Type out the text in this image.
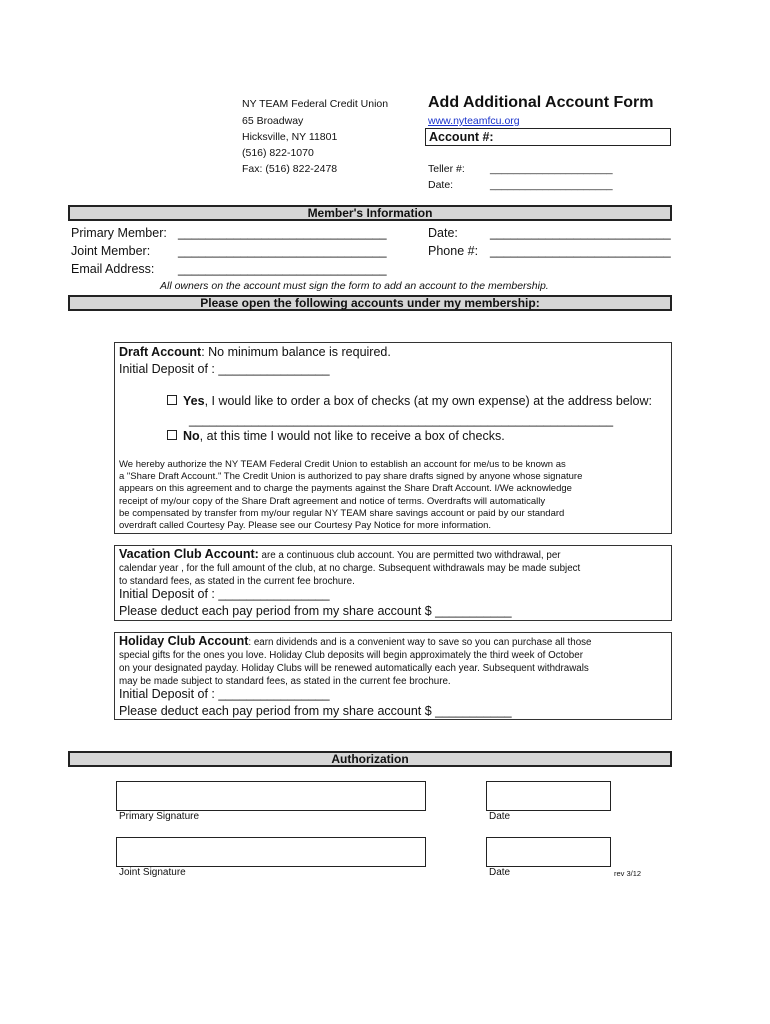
NY TEAM Federal Credit Union
65 Broadway
Hicksville, NY 11801
(516) 822-1070
Fax: (516) 822-2478
Add Additional Account Form
www.nyteamfcu.org
Account #:
Teller #: _____________________
Date:	_____________________
Member's Information
Primary Member: ______________________________
Joint Member: ______________________________
Email Address: ______________________________
Date:	__________________________
Phone #: __________________________
All owners on the account must sign the form to add an account to the membership.
Please open the following accounts under my membership:
Draft Account: No minimum balance is required.
Initial Deposit of : ________________
Yes, I would like to order a box of checks (at my own expense) at the address below:
_____________________________________________________________
No, at this time I would not like to receive a box of checks.
We hereby authorize the NY TEAM Federal Credit Union to establish an account for me/us to be known as
a "Share Draft Account." The Credit Union is authorized to pay share drafts signed by anyone whose signature
appears on this agreement and to charge the payments against the Share Draft Account. I/We acknowledge
receipt of my/our copy of the Share Draft agreement and notice of terms. Overdrafts will automatically
be compensated by transfer from my/our regular NY TEAM share savings account or paid by our standard
overdraft called Courtesy Pay. Please see our Courtesy Pay Notice for more information.
Vacation Club Account: are a continuous club account. You are permitted two withdrawal, per
calendar year , for the full amount of the club, at no charge. Subsequent withdrawals may be made subject
to standard fees, as stated in the current fee brochure.
Initial Deposit of : ________________
Please deduct each pay period from my share account $ ___________
Holiday Club Account: earn dividends and is a convenient way to save so you can purchase all those
special gifts for the ones you love. Holiday Club deposits will begin approximately the third week of October
on your designated payday. Holiday Clubs will be renewed automatically each year. Subsequent withdrawals
may be made subject to standard fees, as stated in the current fee brochure.
Initial Deposit of : ________________
Please deduct each pay period from my share account $ ___________
Authorization
Primary Signature	Date
Joint Signature	Date	rev 3/12
